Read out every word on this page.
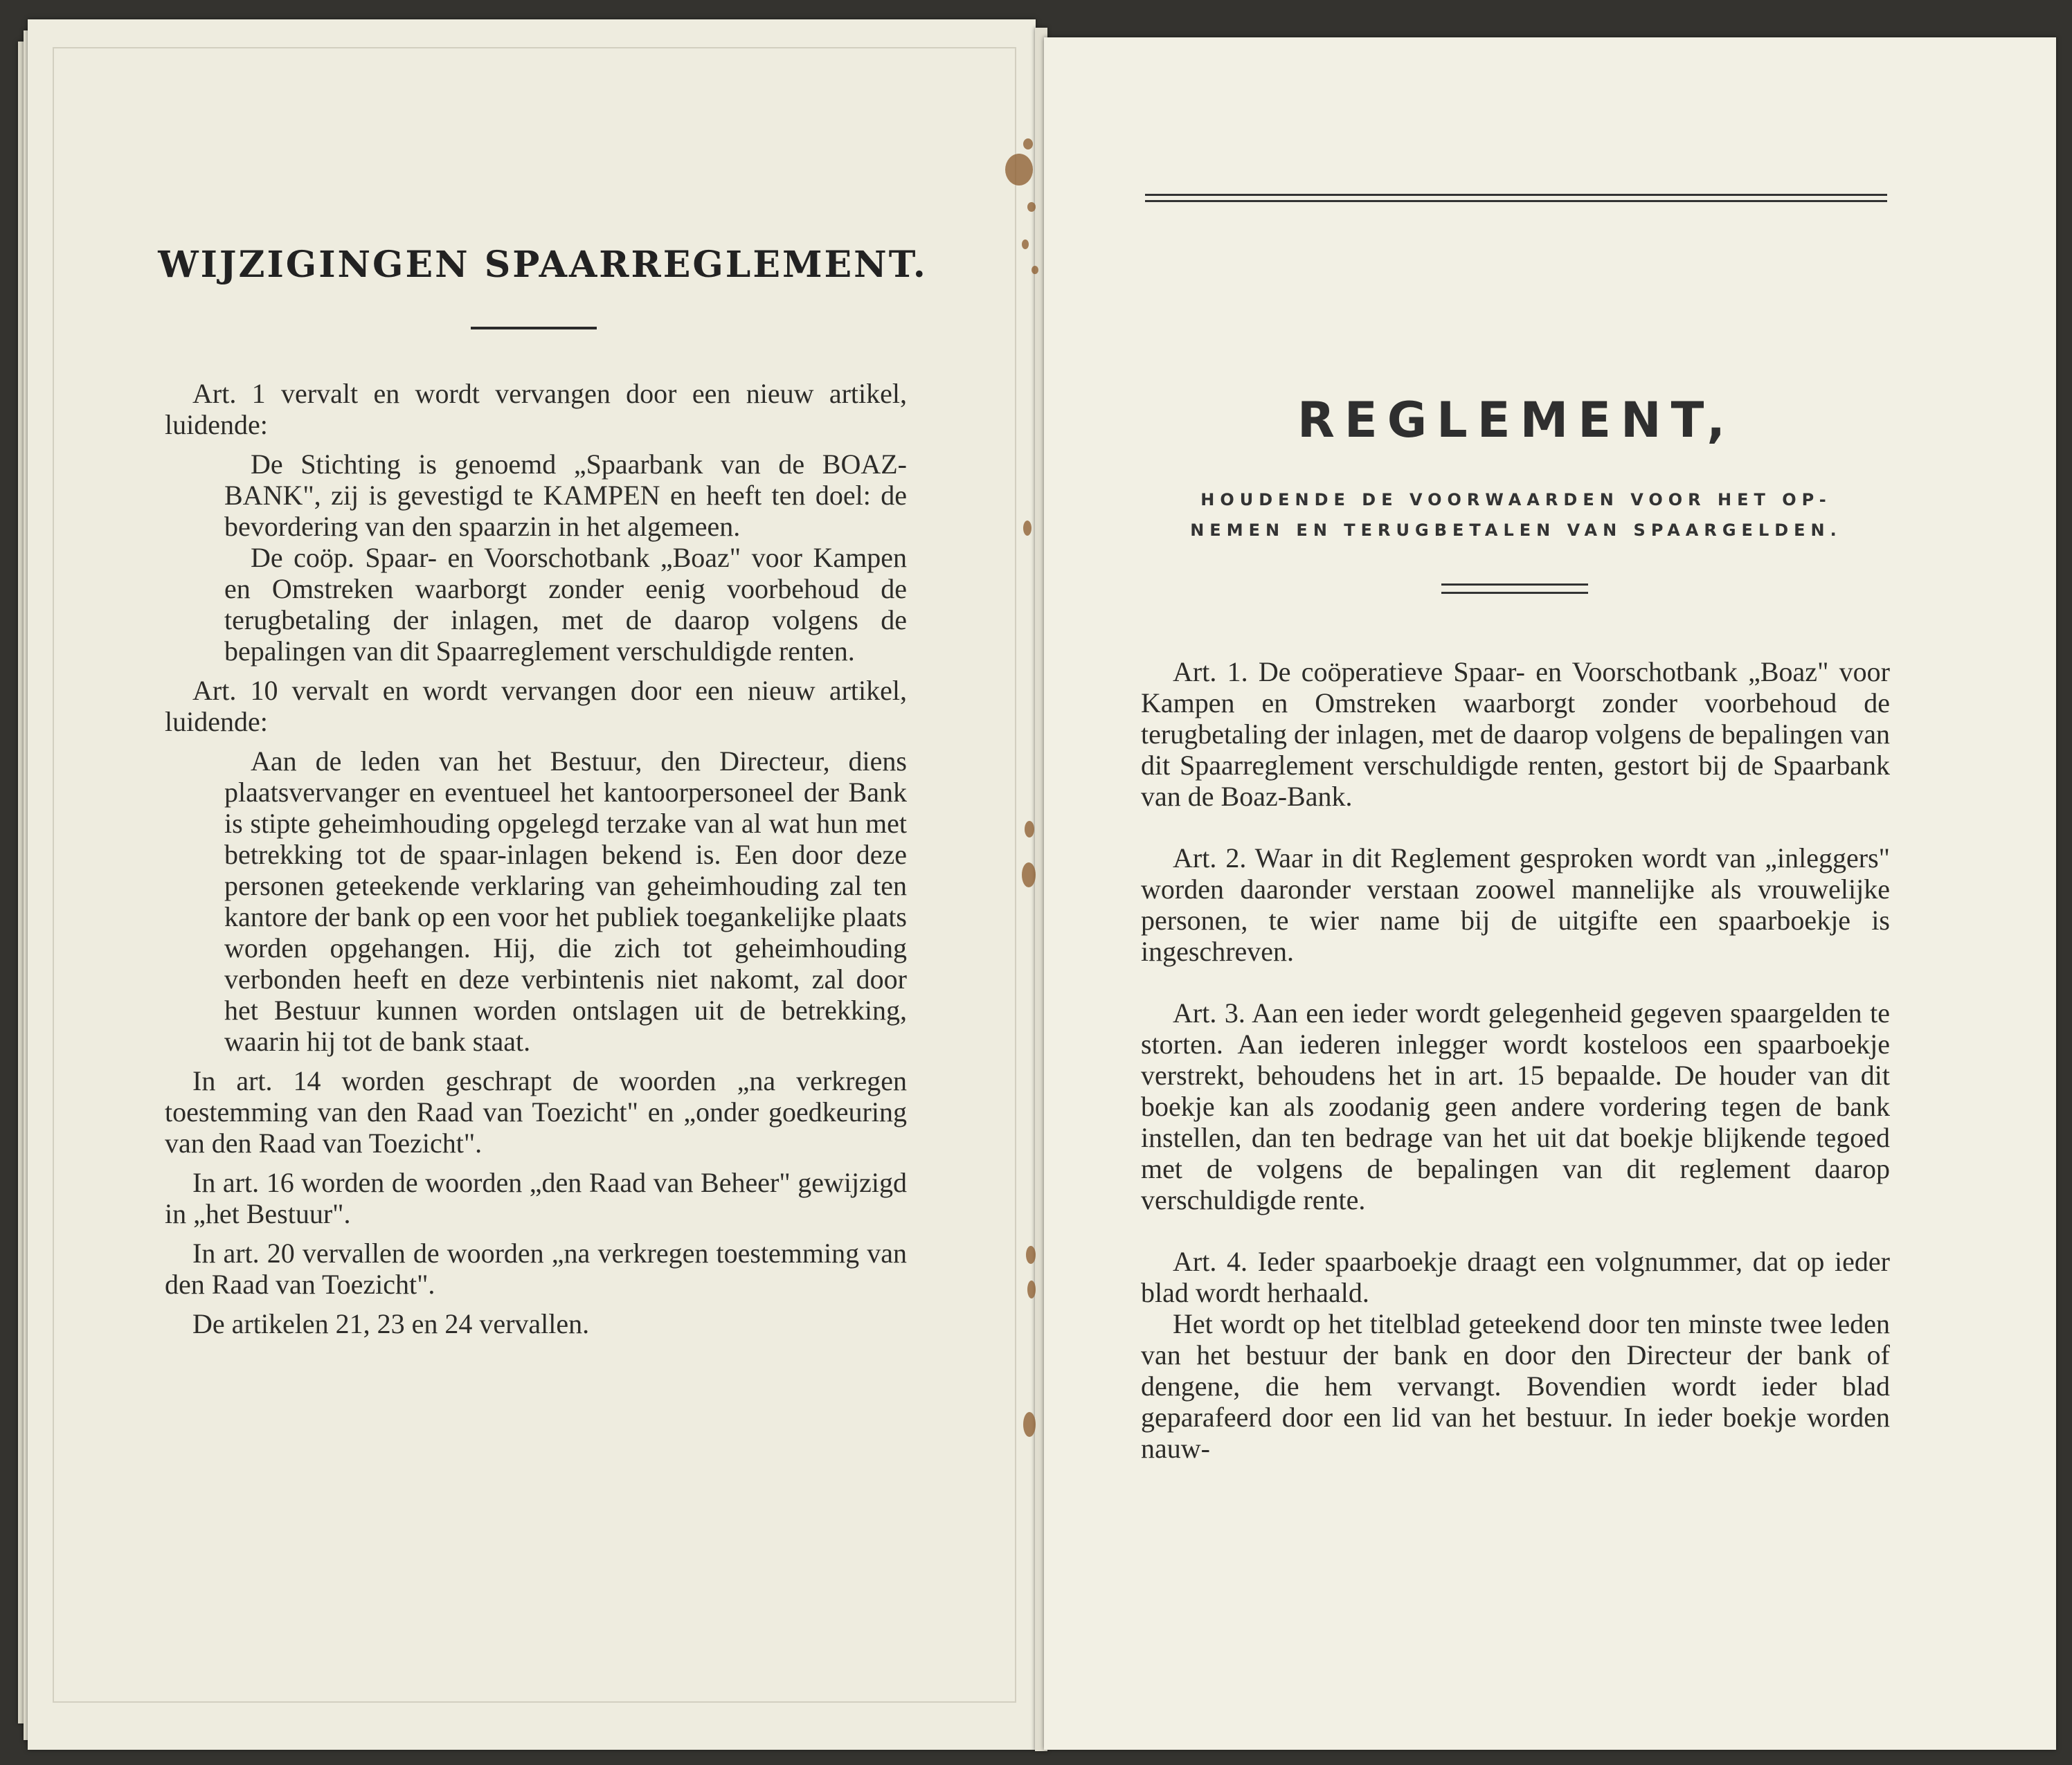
WIJZIGINGEN SPAARREGLEMENT.

Art. 1 vervalt en wordt vervangen door een nieuw artikel, luidende:

De Stichting is genoemd „Spaarbank van de BOAZ-BANK", zij is gevestigd te KAMPEN en heeft ten doel: de bevordering van den spaarzin in het algemeen.

De coöp. Spaar- en Voorschotbank „Boaz" voor Kampen en Omstreken waarborgt zonder eenig voorbehoud de terugbetaling der inlagen, met de daarop volgens de bepalingen van dit Spaarreglement verschuldigde renten.

Art. 10 vervalt en wordt vervangen door een nieuw artikel, luidende:

Aan de leden van het Bestuur, den Directeur, diens plaatsvervanger en eventueel het kantoorpersoneel der Bank is stipte geheimhouding opgelegd terzake van al wat hun met betrekking tot de spaar-inlagen bekend is. Een door deze personen geteekende verklaring van geheimhouding zal ten kantore der bank op een voor het publiek toegankelijke plaats worden opgehangen. Hij, die zich tot geheimhouding verbonden heeft en deze verbintenis niet nakomt, zal door het Bestuur kunnen worden ontslagen uit de betrekking, waarin hij tot de bank staat.

In art. 14 worden geschrapt de woorden „na verkregen toestemming van den Raad van Toezicht" en „onder goedkeuring van den Raad van Toezicht".

In art. 16 worden de woorden „den Raad van Beheer" gewijzigd in „het Bestuur".

In art. 20 vervallen de woorden „na verkregen toestemming van den Raad van Toezicht".

De artikelen 21, 23 en 24 vervallen.

REGLEMENT,
HOUDENDE DE VOORWAARDEN VOOR HET OP-
NEMEN EN TERUGBETALEN VAN SPAARGELDEN.

Art. 1. De coöperatieve Spaar- en Voorschotbank „Boaz" voor Kampen en Omstreken waarborgt zonder voorbehoud de terugbetaling der inlagen, met de daarop volgens de bepalingen van dit Spaarreglement verschuldigde renten, gestort bij de Spaarbank van de Boaz-Bank.

Art. 2. Waar in dit Reglement gesproken wordt van „inleggers" worden daaronder verstaan zoowel mannelijke als vrouwelijke personen, te wier name bij de uitgifte een spaarboekje is ingeschreven.

Art. 3. Aan een ieder wordt gelegenheid gegeven spaargelden te storten. Aan iederen inlegger wordt kosteloos een spaarboekje verstrekt, behoudens het in art. 15 bepaalde. De houder van dit boekje kan als zoodanig geen andere vordering tegen de bank instellen, dan ten bedrage van het uit dat boekje blijkende tegoed met de volgens de bepalingen van dit reglement daarop verschuldigde rente.

Art. 4. Ieder spaarboekje draagt een volgnummer, dat op ieder blad wordt herhaald.

Het wordt op het titelblad geteekend door ten minste twee leden van het bestuur der bank en door den Directeur der bank of dengene, die hem vervangt. Bovendien wordt ieder blad geparafeerd door een lid van het bestuur. In ieder boekje worden nauw-
